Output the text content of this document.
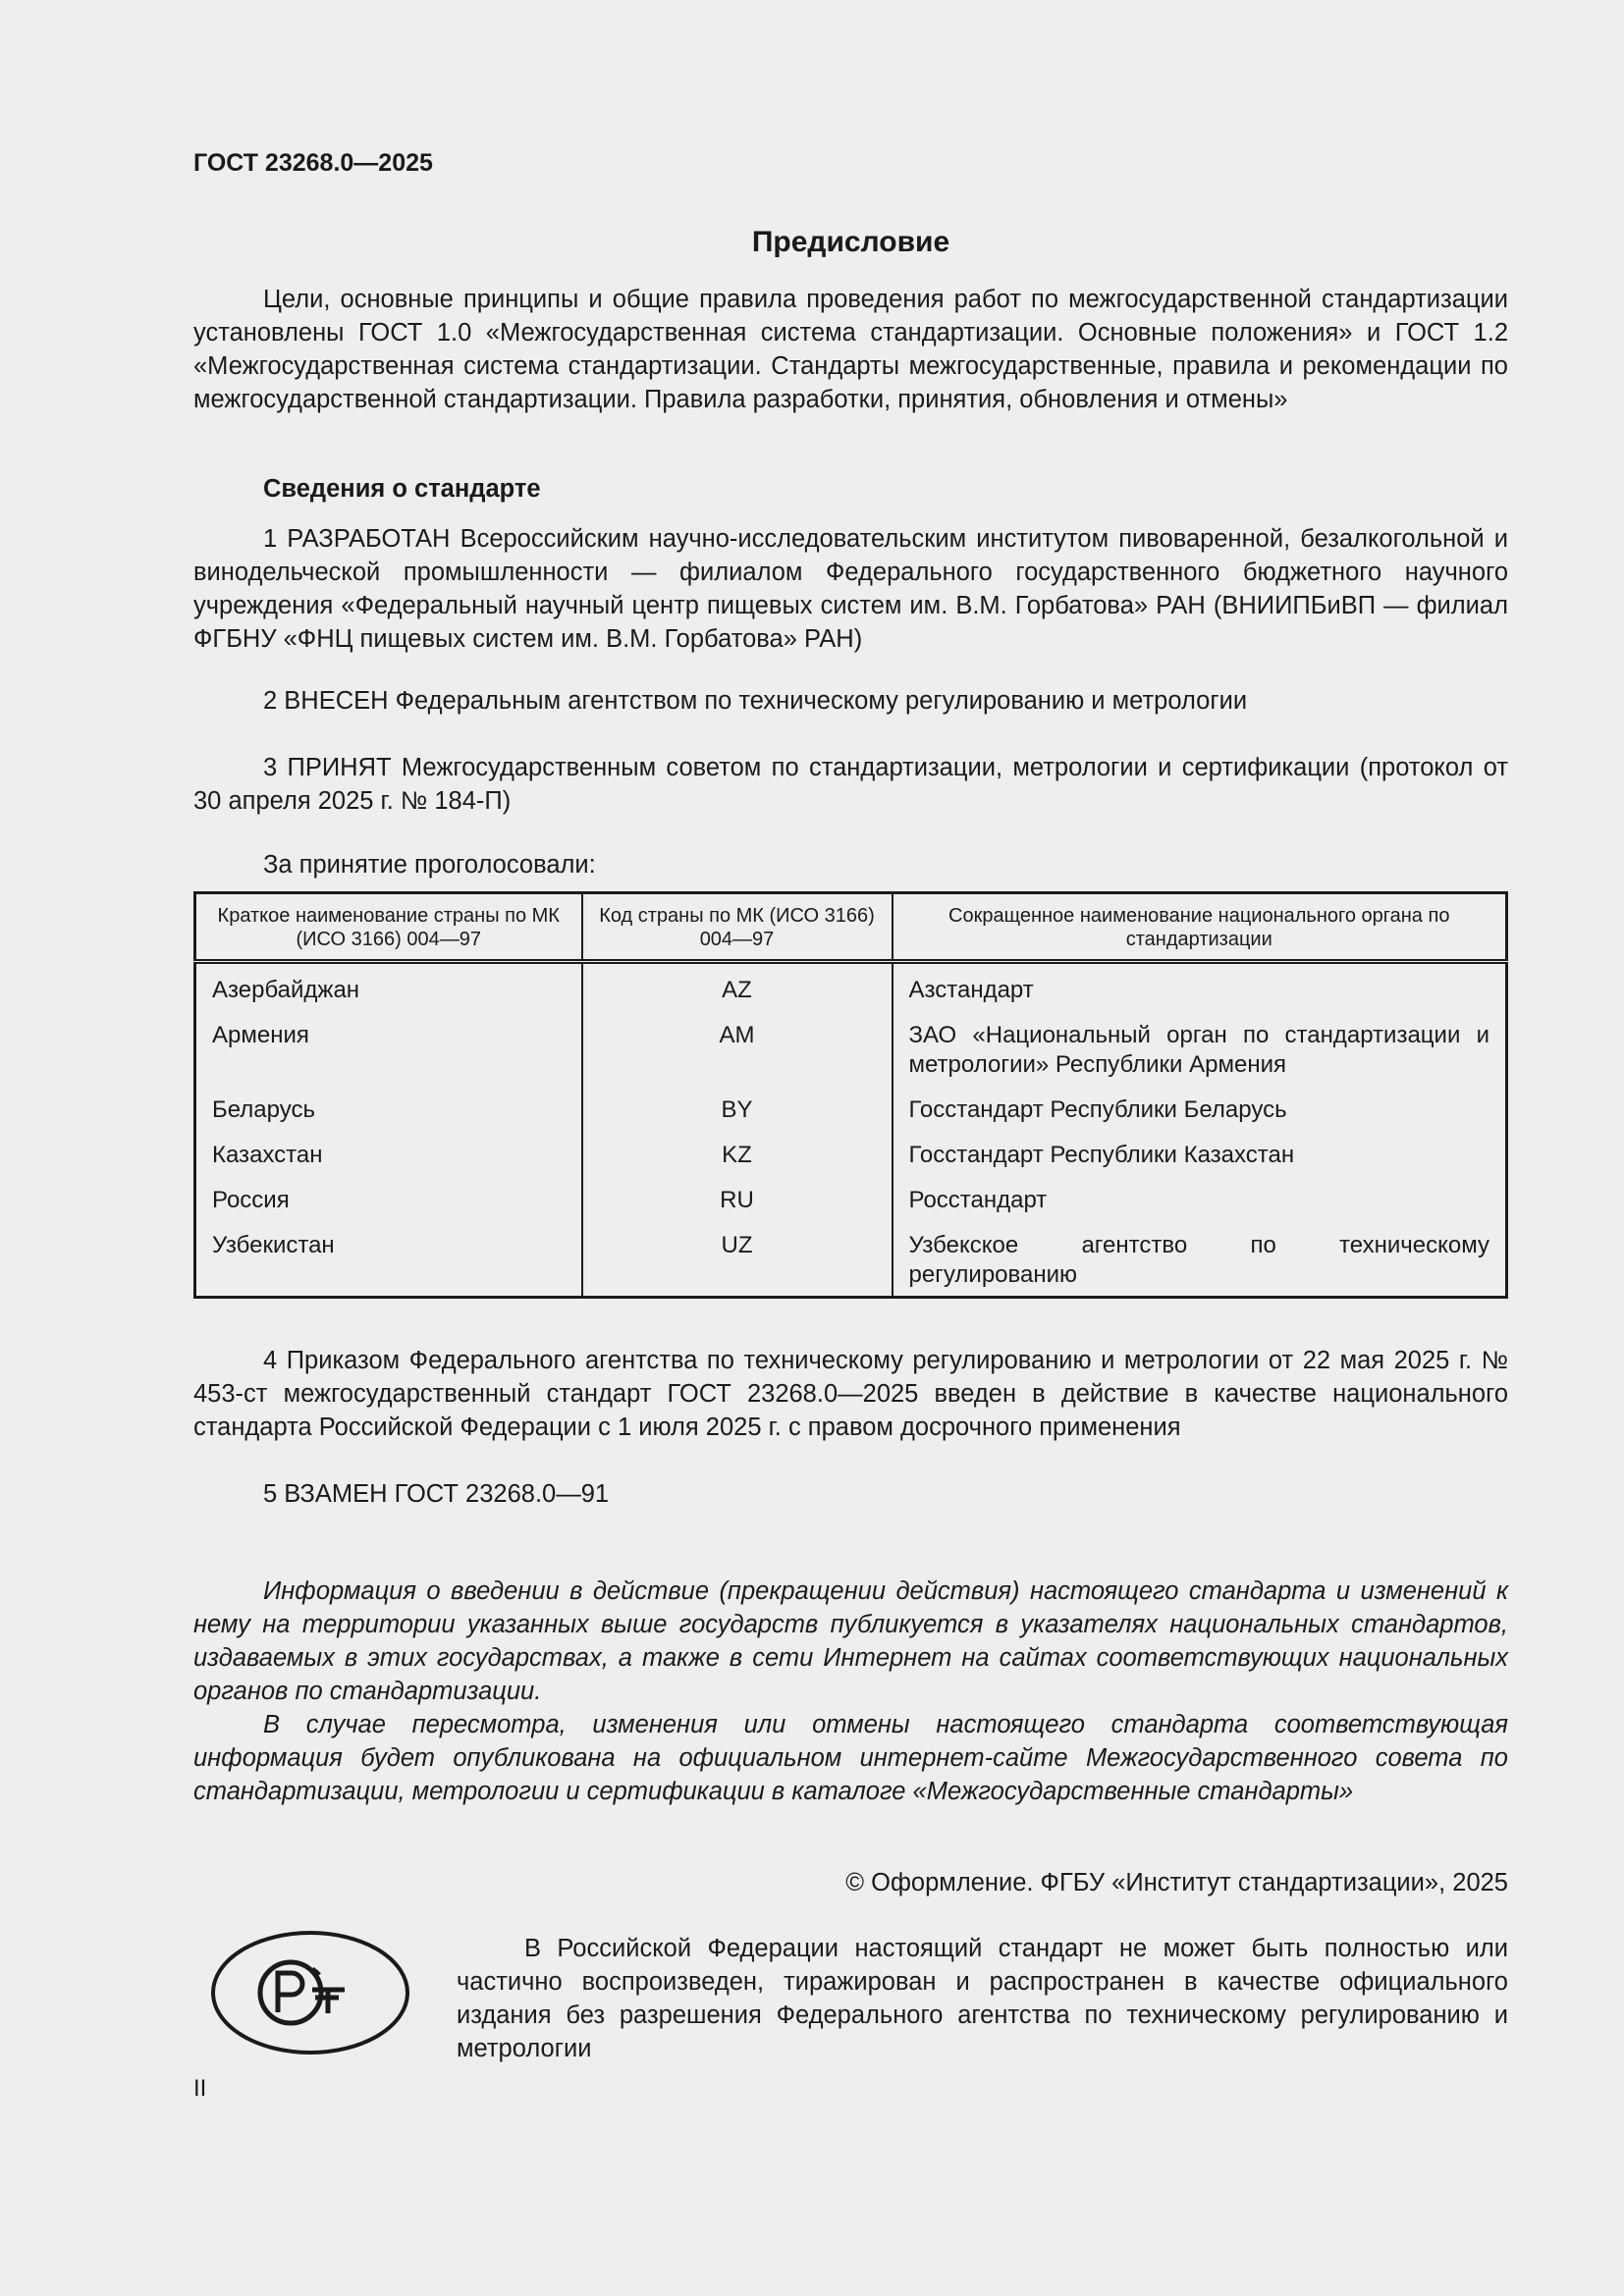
ГОСТ 23268.0—2025
Предисловие

Цели, основные принципы и общие правила проведения работ по межгосударственной стандартизации установлены ГОСТ 1.0 «Межгосударственная система стандартизации. Основные положения» и ГОСТ 1.2 «Межгосударственная система стандартизации. Стандарты межгосударственные, правила и рекомендации по межгосударственной стандартизации. Правила разработки, принятия, обновления и отмены»

Сведения о стандарте

1 РАЗРАБОТАН Всероссийским научно-исследовательским институтом пивоваренной, безалкогольной и винодельческой промышленности — филиалом Федерального государственного бюджетного научного учреждения «Федеральный научный центр пищевых систем им. В.М. Горбатова» РАН (ВНИИПБиВП — филиал ФГБНУ «ФНЦ пищевых систем им. В.М. Горбатова» РАН)

2 ВНЕСЕН Федеральным агентством по техническому регулированию и метрологии

3 ПРИНЯТ Межгосударственным советом по стандартизации, метрологии и сертификации (протокол от 30 апреля 2025 г. № 184-П)

За принятие проголосовали:

Краткое наименование страны по МК (ИСО 3166) 004—97	Код страны по МК (ИСО 3166) 004—97	Сокращенное наименование национального органа по стандартизации
Азербайджан	AZ	Азстандарт
Армения	AM	ЗАО «Национальный орган по стандартизации и метрологии» Республики Армения
Беларусь	BY	Госстандарт Республики Беларусь
Казахстан	KZ	Госстандарт Республики Казахстан
Россия	RU	Росстандарт
Узбекистан	UZ	Узбекское агентство по техническому регулированию

4 Приказом Федерального агентства по техническому регулированию и метрологии от 22 мая 2025 г. № 453-ст межгосударственный стандарт ГОСТ 23268.0—2025 введен в действие в качестве национального стандарта Российской Федерации с 1 июля 2025 г. с правом досрочного применения

5 ВЗАМЕН ГОСТ 23268.0—91

Информация о введении в действие (прекращении действия) настоящего стандарта и изменений к нему на территории указанных выше государств публикуется в указателях национальных стандартов, издаваемых в этих государствах, а также в сети Интернет на сайтах соответствующих национальных органов по стандартизации.

В случае пересмотра, изменения или отмены настоящего стандарта соответствующая информация будет опубликована на официальном интернет-сайте Межгосударственного совета по стандартизации, метрологии и сертификации в каталоге «Межгосударственные стандарты»

© Оформление. ФГБУ «Институт стандартизации», 2025

В Российской Федерации настоящий стандарт не может быть полностью или частично воспроизведен, тиражирован и распространен в качестве официального издания без разрешения Федерального агентства по техническому регулированию и метрологии

II
